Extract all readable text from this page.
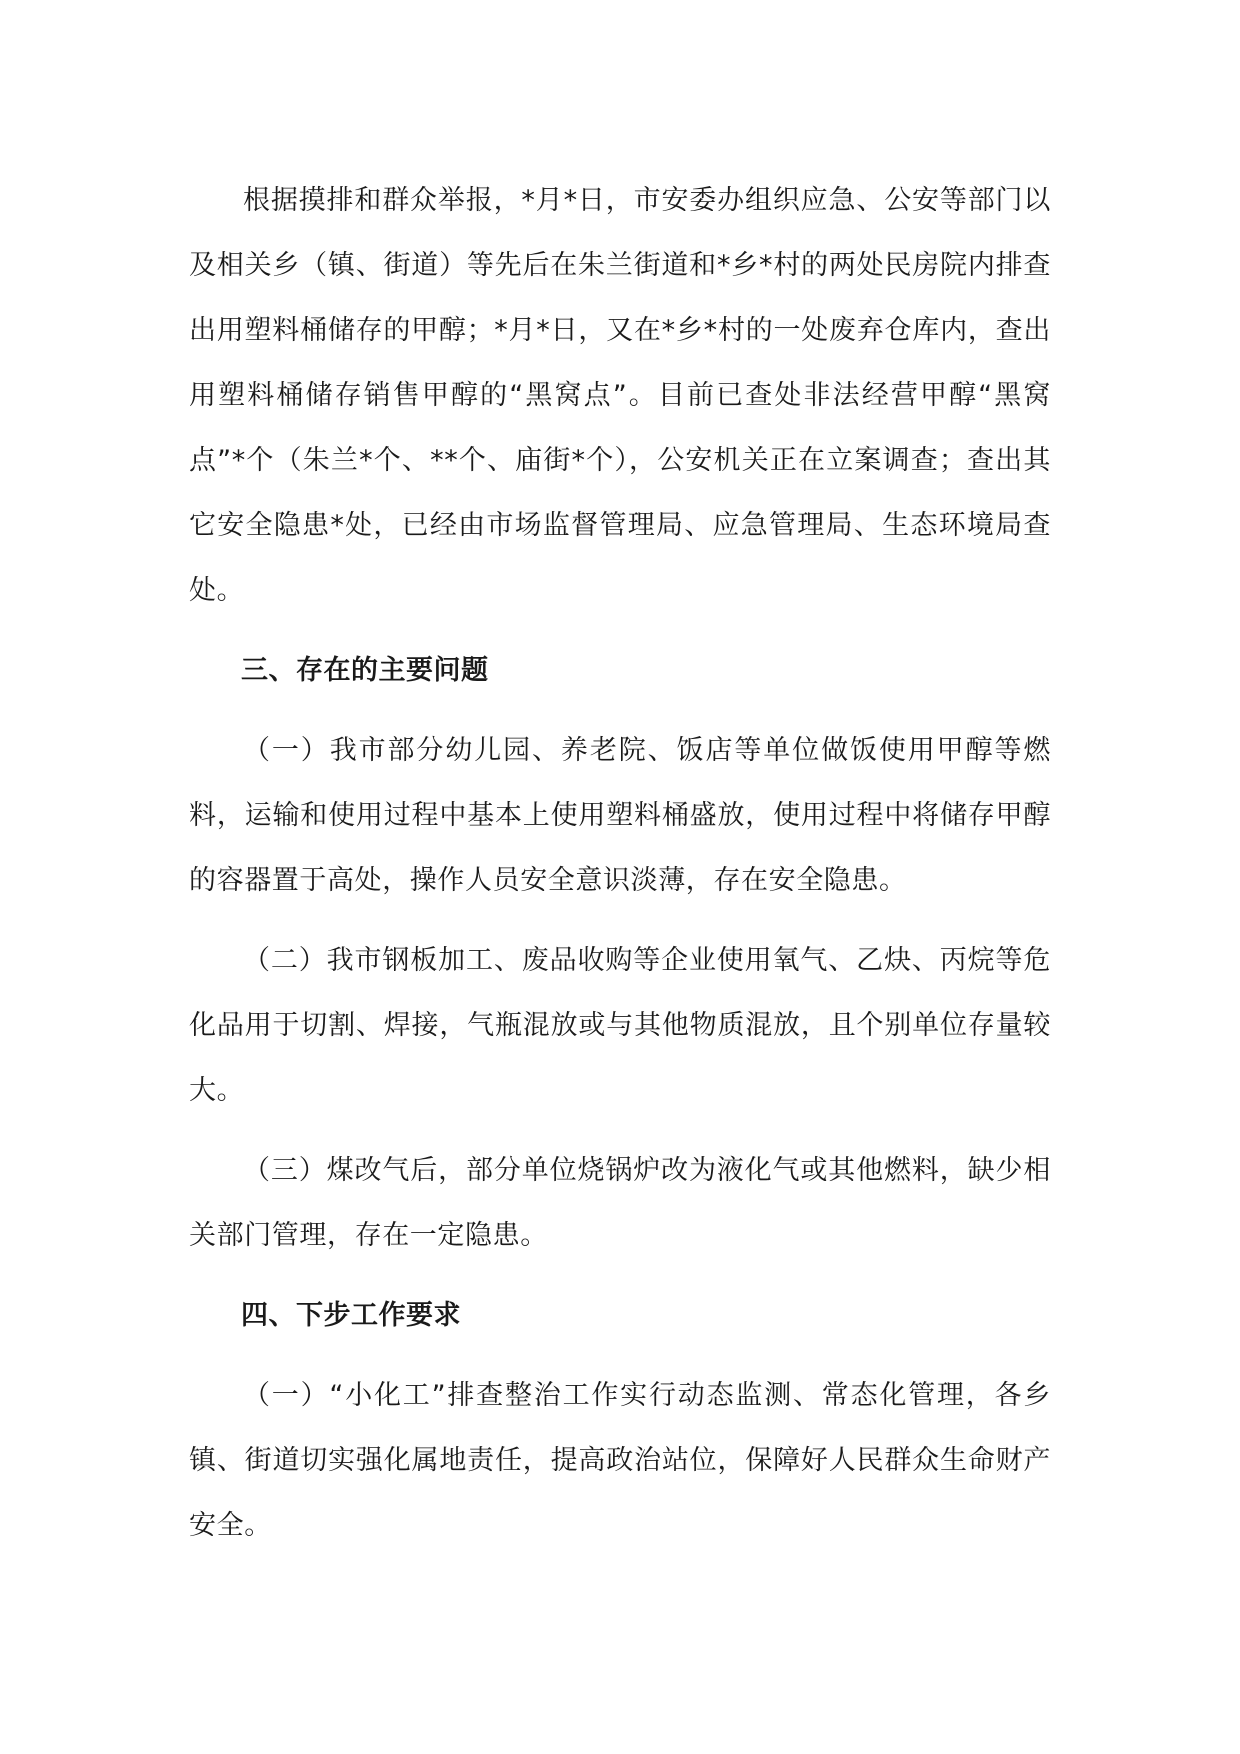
根据摸排和群众举报，*月*日，市安委办组织应急、公安等部门以及相关乡（镇、街道）等先后在朱兰街道和*乡*村的两处民房院内排查出用塑料桶储存的甲醇；*月*日，又在*乡*村的一处废弃仓库内，查出用塑料桶储存销售甲醇的“黑窝点”。目前已查处非法经营甲醇“黑窝点”*个（朱兰*个、**个、庙街*个），公安机关正在立案调查；查出其它安全隐患*处，已经由市场监督管理局、应急管理局、生态环境局查处。

三、存在的主要问题

（一）我市部分幼儿园、养老院、饭店等单位做饭使用甲醇等燃料，运输和使用过程中基本上使用塑料桶盛放，使用过程中将储存甲醇的容器置于高处，操作人员安全意识淡薄，存在安全隐患。

（二）我市钢板加工、废品收购等企业使用氧气、乙炔、丙烷等危化品用于切割、焊接，气瓶混放或与其他物质混放，且个别单位存量较大。

（三）煤改气后，部分单位烧锅炉改为液化气或其他燃料，缺少相关部门管理，存在一定隐患。

四、下步工作要求

（一）“小化工”排查整治工作实行动态监测、常态化管理，各乡镇、街道切实强化属地责任，提高政治站位，保障好人民群众生命财产安全。
